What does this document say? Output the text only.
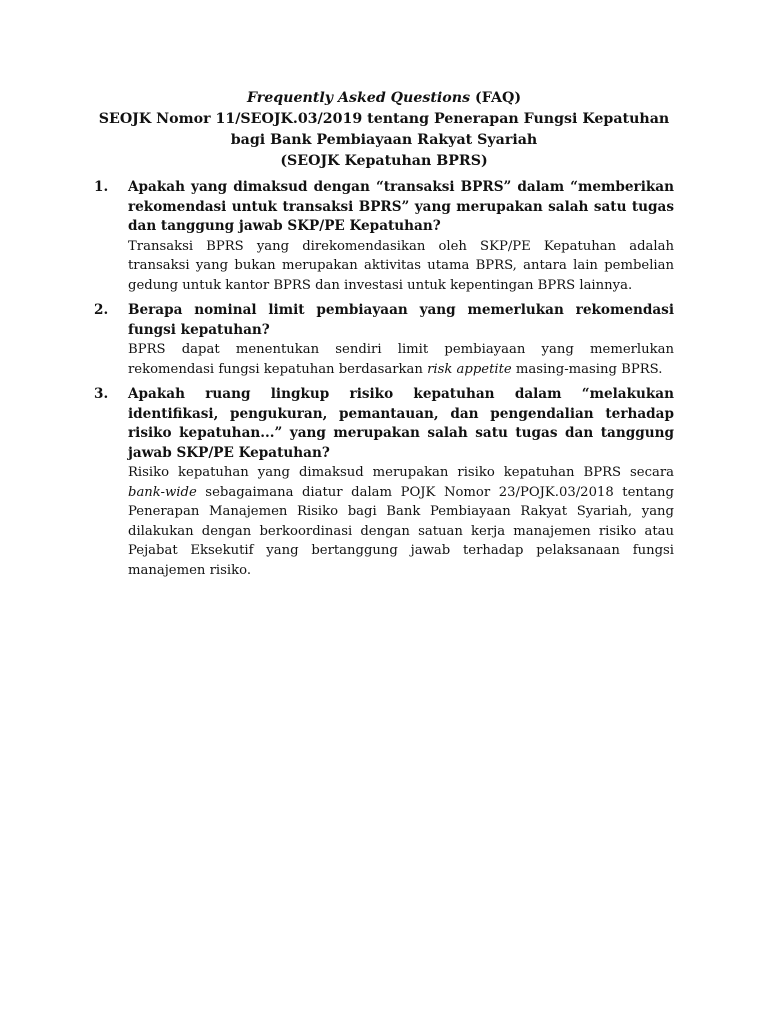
Frequently Asked Questions (FAQ)
SEOJK Nomor 11/SEOJK.03/2019 tentang Penerapan Fungsi Kepatuhan
bagi Bank Pembiayaan Rakyat Syariah
(SEOJK Kepatuhan BPRS)
1. Apakah yang dimaksud dengan “transaksi BPRS” dalam “memberikan rekomendasi untuk transaksi BPRS” yang merupakan salah satu tugas dan tanggung jawab SKP/PE Kepatuhan?

Transaksi BPRS yang direkomendasikan oleh SKP/PE Kepatuhan adalah transaksi yang bukan merupakan aktivitas utama BPRS, antara lain pembelian gedung untuk kantor BPRS dan investasi untuk kepentingan BPRS lainnya.

2. Berapa nominal limit pembiayaan yang memerlukan rekomendasi fungsi kepatuhan?

BPRS dapat menentukan sendiri limit pembiayaan yang memerlukan rekomendasi fungsi kepatuhan berdasarkan risk appetite masing-masing BPRS.

3. Apakah ruang lingkup risiko kepatuhan dalam “melakukan identifikasi, pengukuran, pemantauan, dan pengendalian terhadap risiko kepatuhan...” yang merupakan salah satu tugas dan tanggung jawab SKP/PE Kepatuhan?

Risiko kepatuhan yang dimaksud merupakan risiko kepatuhan BPRS secara bank-wide sebagaimana diatur dalam POJK Nomor 23/POJK.03/2018 tentang Penerapan Manajemen Risiko bagi Bank Pembiayaan Rakyat Syariah, yang dilakukan dengan berkoordinasi dengan satuan kerja manajemen risiko atau Pejabat Eksekutif yang bertanggung jawab terhadap pelaksanaan fungsi manajemen risiko.
